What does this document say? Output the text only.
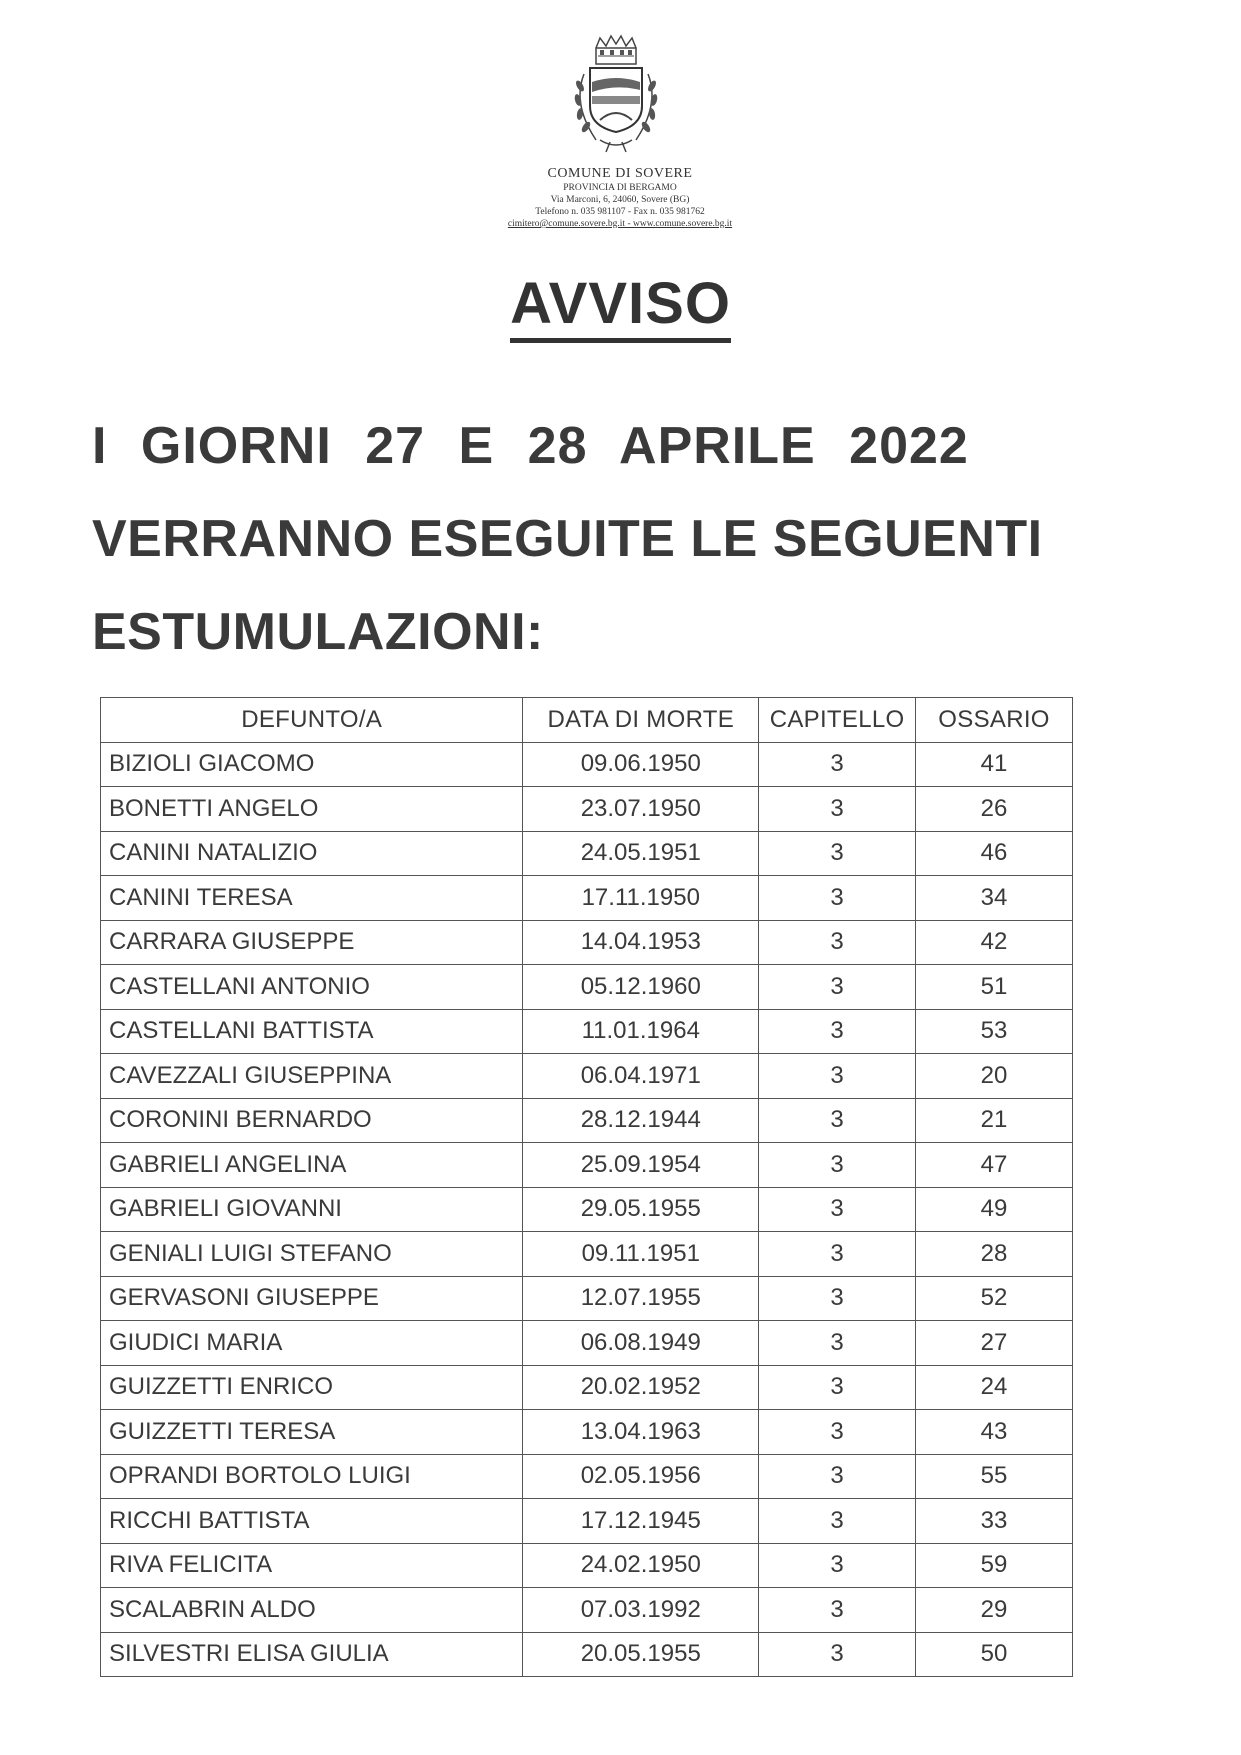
COMUNE DI SOVERE
PROVINCIA DI BERGAMO
Via Marconi, 6, 24060, Sovere (BG)
Telefono n. 035 981107 - Fax n. 035 981762
cimitero@comune.sovere.bg.it - www.comune.sovere.bg.it
AVVISO
I GIORNI 27 E 28 APRILE 2022
VERRANNO ESEGUITE LE SEGUENTI
ESTUMULAZIONI:
DEFUNTO/A	DATA DI MORTE	CAPITELLO	OSSARIO
BIZIOLI GIACOMO	09.06.1950	3	41
BONETTI ANGELO	23.07.1950	3	26
CANINI NATALIZIO	24.05.1951	3	46
CANINI TERESA	17.11.1950	3	34
CARRARA GIUSEPPE	14.04.1953	3	42
CASTELLANI ANTONIO	05.12.1960	3	51
CASTELLANI BATTISTA	11.01.1964	3	53
CAVEZZALI GIUSEPPINA	06.04.1971	3	20
CORONINI BERNARDO	28.12.1944	3	21
GABRIELI ANGELINA	25.09.1954	3	47
GABRIELI GIOVANNI	29.05.1955	3	49
GENIALI LUIGI STEFANO	09.11.1951	3	28
GERVASONI GIUSEPPE	12.07.1955	3	52
GIUDICI MARIA	06.08.1949	3	27
GUIZZETTI ENRICO	20.02.1952	3	24
GUIZZETTI TERESA	13.04.1963	3	43
OPRANDI BORTOLO LUIGI	02.05.1956	3	55
RICCHI BATTISTA	17.12.1945	3	33
RIVA FELICITA	24.02.1950	3	59
SCALABRIN ALDO	07.03.1992	3	29
SILVESTRI ELISA GIULIA	20.05.1955	3	50
